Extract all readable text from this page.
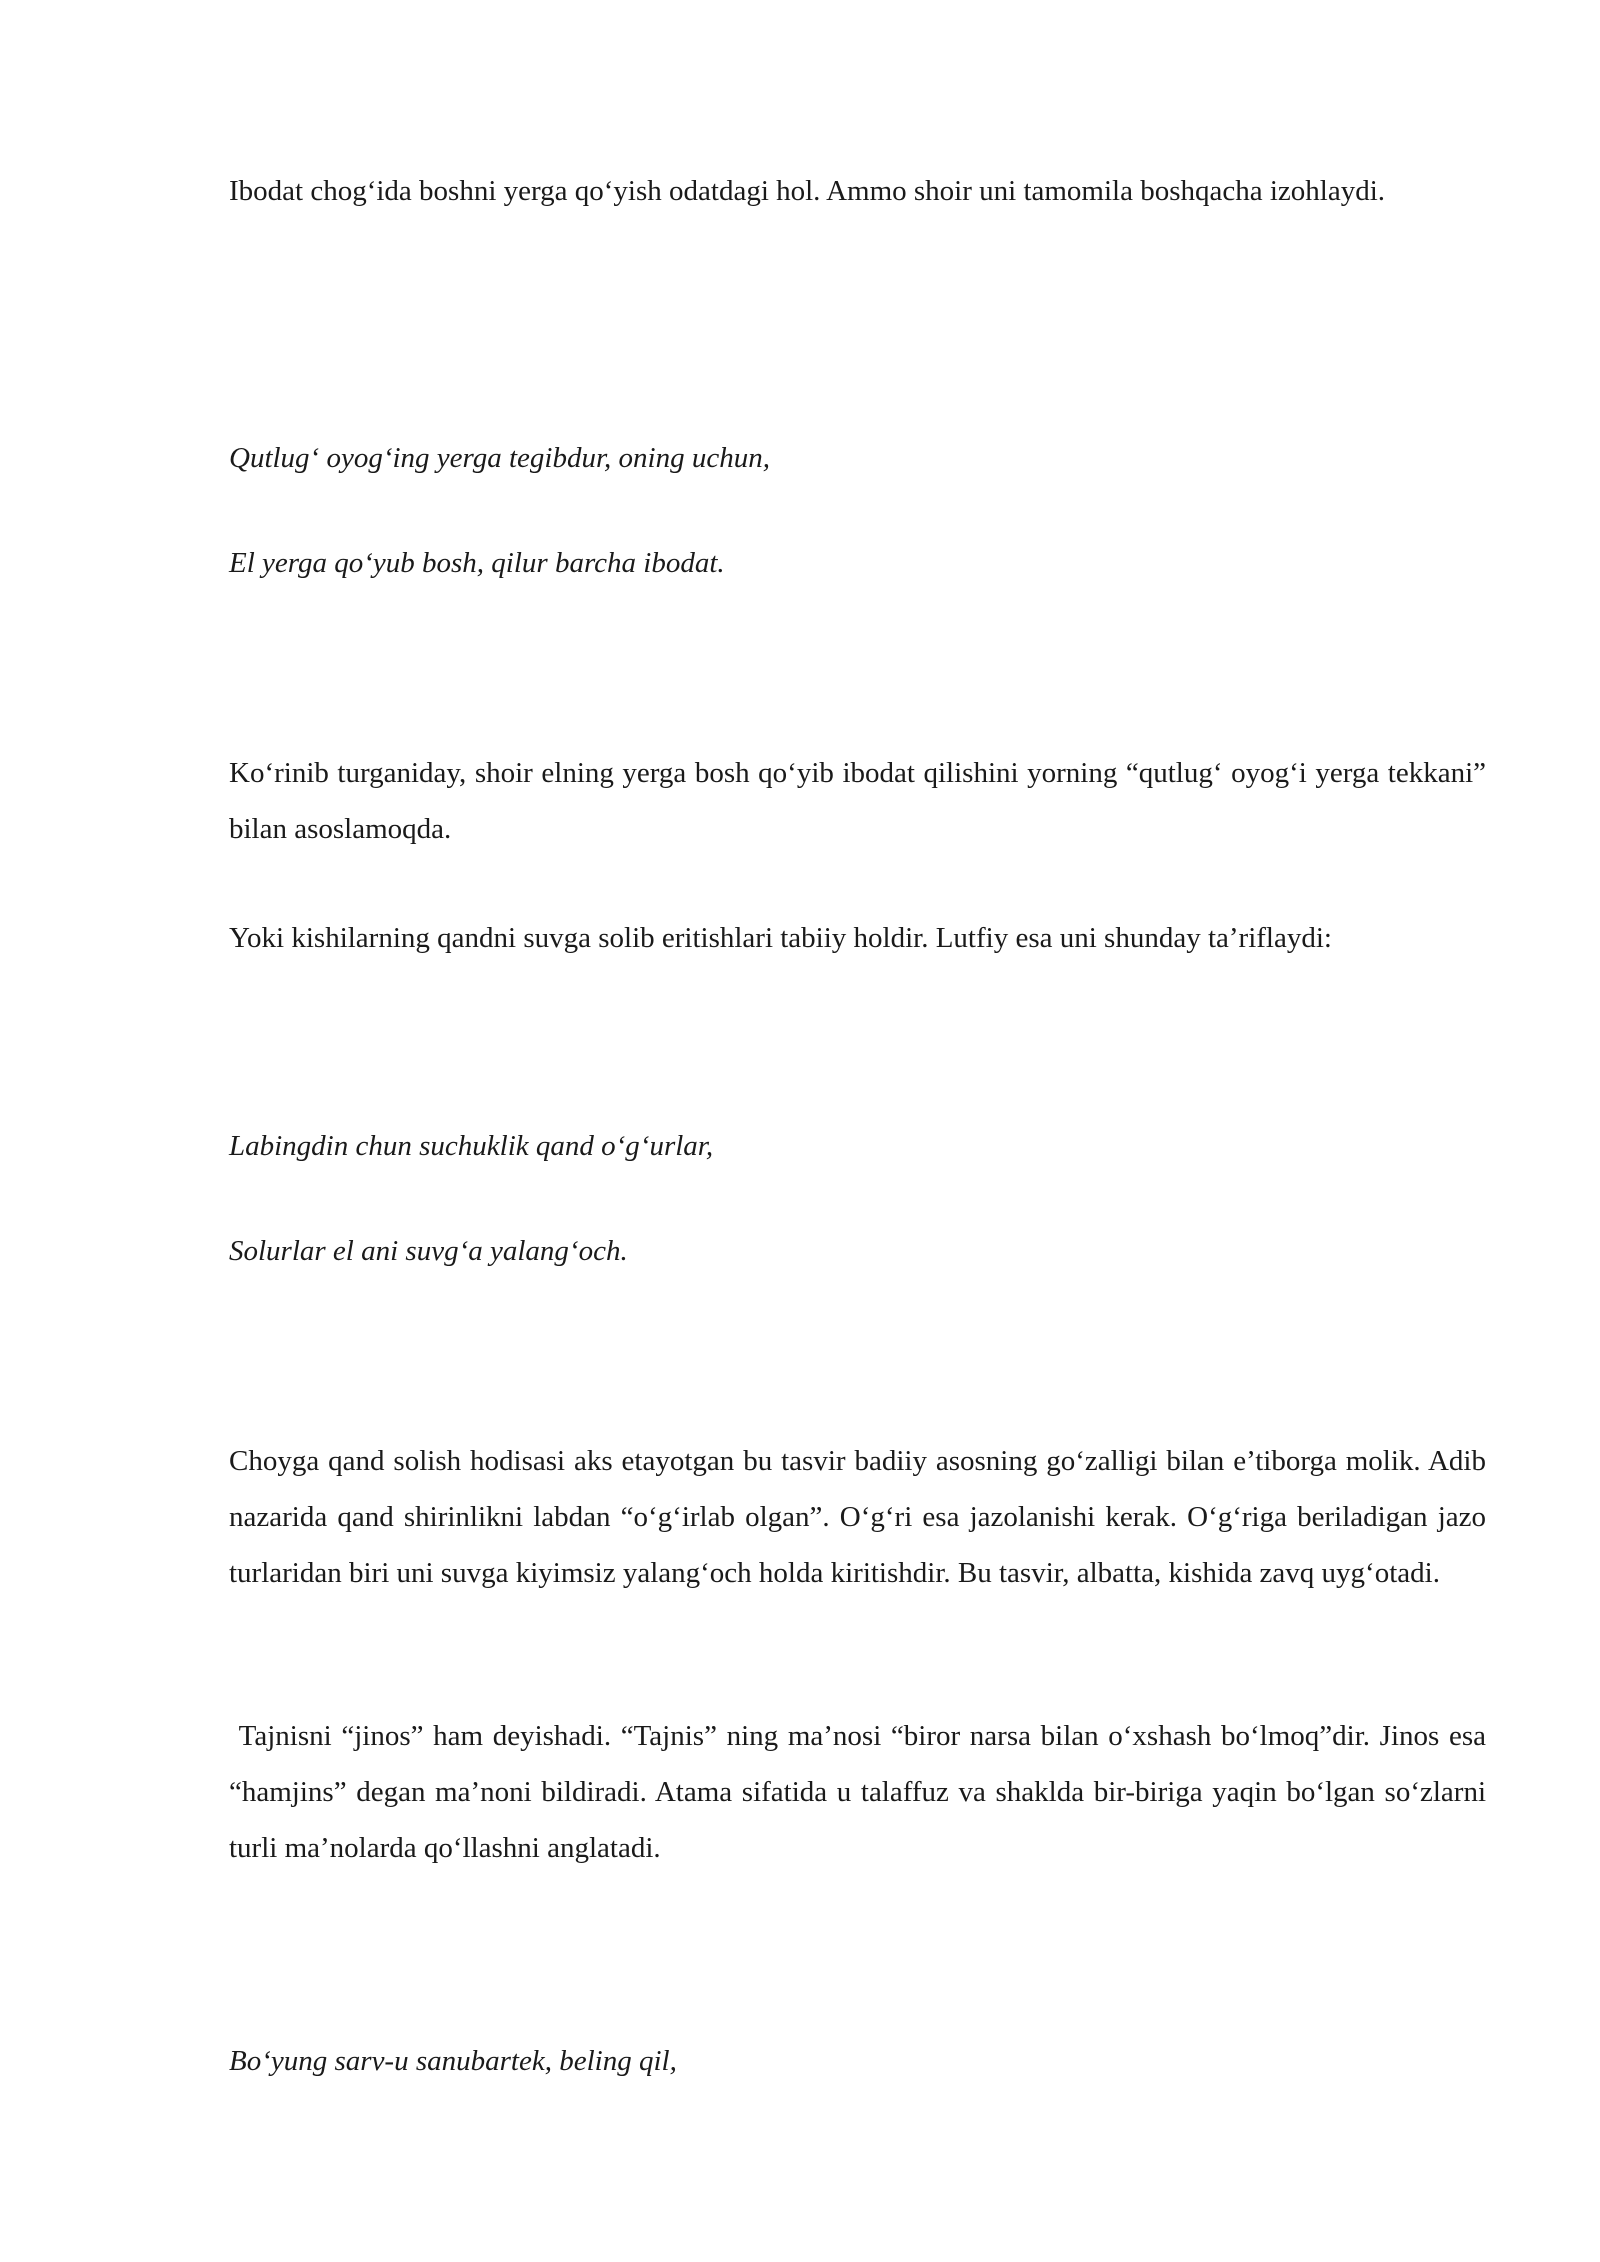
Ibodat chog‘ida boshni yerga qo‘yish odatdagi hol. Ammo shoir uni tamomila boshqacha izohlaydi.

Qutlug‘ oyog‘ing yerga tegibdur, oning uchun,

El yerga qo‘yub bosh, qilur barcha ibodat.

Ko‘rinib turganiday, shoir elning yerga bosh qo‘yib ibodat qilishini yorning “qutlug‘ oyog‘i yerga tekkani” bilan asoslamoqda.

Yoki kishilarning qandni suvga solib eritishlari tabiiy holdir. Lutfiy esa uni shunday ta’riflaydi:

Labingdin chun suchuklik qand o‘g‘urlar,

Solurlar el ani suvg‘a yalang‘och.

Choyga qand solish hodisasi aks etayotgan bu tasvir badiiy asosning go‘zalligi bilan e’tiborga molik. Adib nazarida qand shirinlikni labdan “o‘g‘irlab olgan”. O‘g‘ri esa jazolanishi kerak. O‘g‘riga beriladigan jazo turlaridan biri uni suvga kiyimsiz yalang‘och holda kiritishdir. Bu tasvir, albatta, kishida zavq uyg‘otadi.

Tajnisni “jinos” ham deyishadi. “Tajnis” ning ma’nosi “biror narsa bilan o‘xshash bo‘lmoq”dir. Jinos esa “hamjins” degan ma’noni bildiradi. Atama sifatida u talaffuz va shaklda bir-biriga yaqin bo‘lgan so‘zlarni turli ma’nolarda qo‘llashni anglatadi.

Bo‘yung sarv-u sanubartek, beling qil,
